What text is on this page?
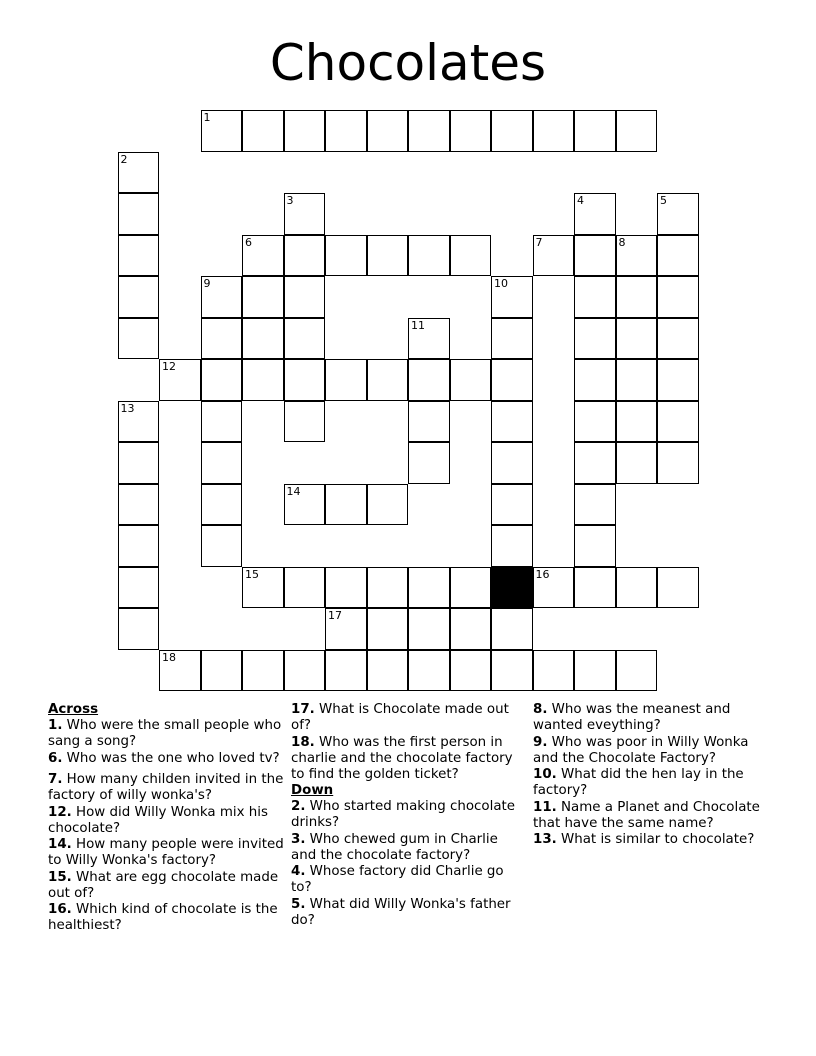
Chocolates
1
2
3	4	5
6	7	8
9	10
11
12
13
14
15	16
17
18
Across
1. Who were the small people who sang a song?
6. Who was the one who loved tv?
7. How many childen invited in the factory of willy wonka's?
12. How did Willy Wonka mix his chocolate?
14. How many people were invited to Willy Wonka's factory?
15. What are egg chocolate made out of?
16. Which kind of chocolate is the healthiest?
17. What is Chocolate made out of?
18. Who was the first person in charlie and the chocolate factory to find the golden ticket?
Down
2. Who started making chocolate drinks?
3. Who chewed gum in Charlie and the chocolate factory?
4. Whose factory did Charlie go to?
5. What did Willy Wonka's father do?
8. Who was the meanest and wanted eveything?
9. Who was poor in Willy Wonka and the Chocolate Factory?
10. What did the hen lay in the factory?
11. Name a Planet and Chocolate that have the same name?
13. What is similar to chocolate?
